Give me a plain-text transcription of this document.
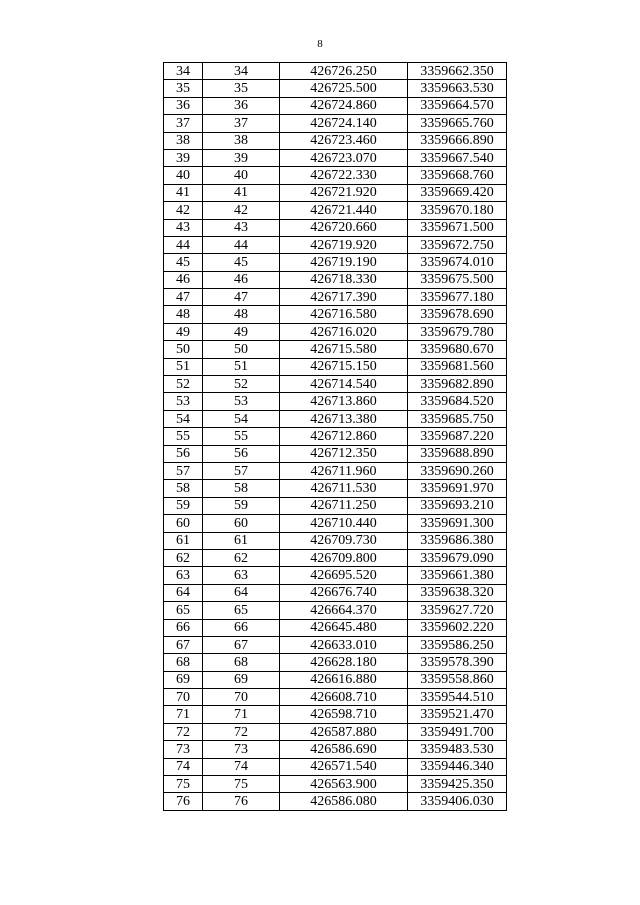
8
34	34	426726.250	3359662.350
35	35	426725.500	3359663.530
36	36	426724.860	3359664.570
37	37	426724.140	3359665.760
38	38	426723.460	3359666.890
39	39	426723.070	3359667.540
40	40	426722.330	3359668.760
41	41	426721.920	3359669.420
42	42	426721.440	3359670.180
43	43	426720.660	3359671.500
44	44	426719.920	3359672.750
45	45	426719.190	3359674.010
46	46	426718.330	3359675.500
47	47	426717.390	3359677.180
48	48	426716.580	3359678.690
49	49	426716.020	3359679.780
50	50	426715.580	3359680.670
51	51	426715.150	3359681.560
52	52	426714.540	3359682.890
53	53	426713.860	3359684.520
54	54	426713.380	3359685.750
55	55	426712.860	3359687.220
56	56	426712.350	3359688.890
57	57	426711.960	3359690.260
58	58	426711.530	3359691.970
59	59	426711.250	3359693.210
60	60	426710.440	3359691.300
61	61	426709.730	3359686.380
62	62	426709.800	3359679.090
63	63	426695.520	3359661.380
64	64	426676.740	3359638.320
65	65	426664.370	3359627.720
66	66	426645.480	3359602.220
67	67	426633.010	3359586.250
68	68	426628.180	3359578.390
69	69	426616.880	3359558.860
70	70	426608.710	3359544.510
71	71	426598.710	3359521.470
72	72	426587.880	3359491.700
73	73	426586.690	3359483.530
74	74	426571.540	3359446.340
75	75	426563.900	3359425.350
76	76	426586.080	3359406.030
